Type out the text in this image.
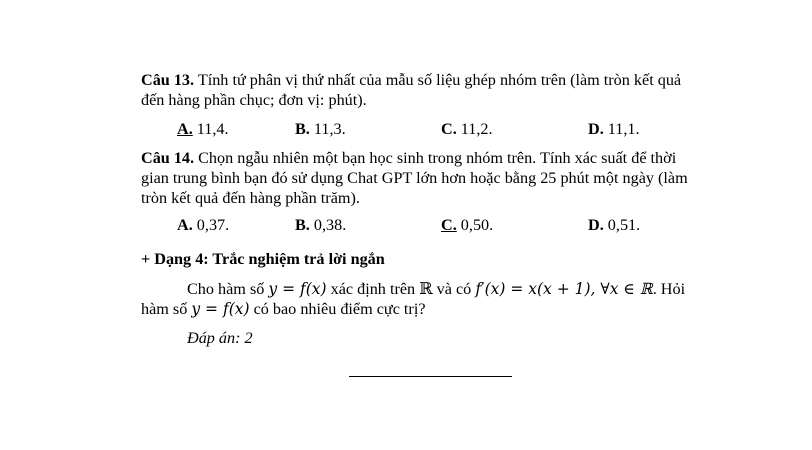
Câu 13. Tính tứ phân vị thứ nhất của mẫu số liệu ghép nhóm trên (làm tròn kết quả
đến hàng phần chục; đơn vị: phút).
A. 11,4.	B. 11,3.	C. 11,2.	D. 11,1.
Câu 14. Chọn ngẫu nhiên một bạn học sinh trong nhóm trên. Tính xác suất để thời
gian trung bình bạn đó sử dụng Chat GPT lớn hơn hoặc bằng 25 phút một ngày (làm
tròn kết quả đến hàng phần trăm).
A. 0,37.	B. 0,38.	C. 0,50.	D. 0,51.
+ Dạng 4: Trắc nghiệm trả lời ngắn
Cho hàm số y = f(x) xác định trên ℝ và có f′(x) = x(x + 1), ∀x ∈ ℝ. Hỏi
hàm số y = f(x) có bao nhiêu điểm cực trị?
Đáp án: 2
